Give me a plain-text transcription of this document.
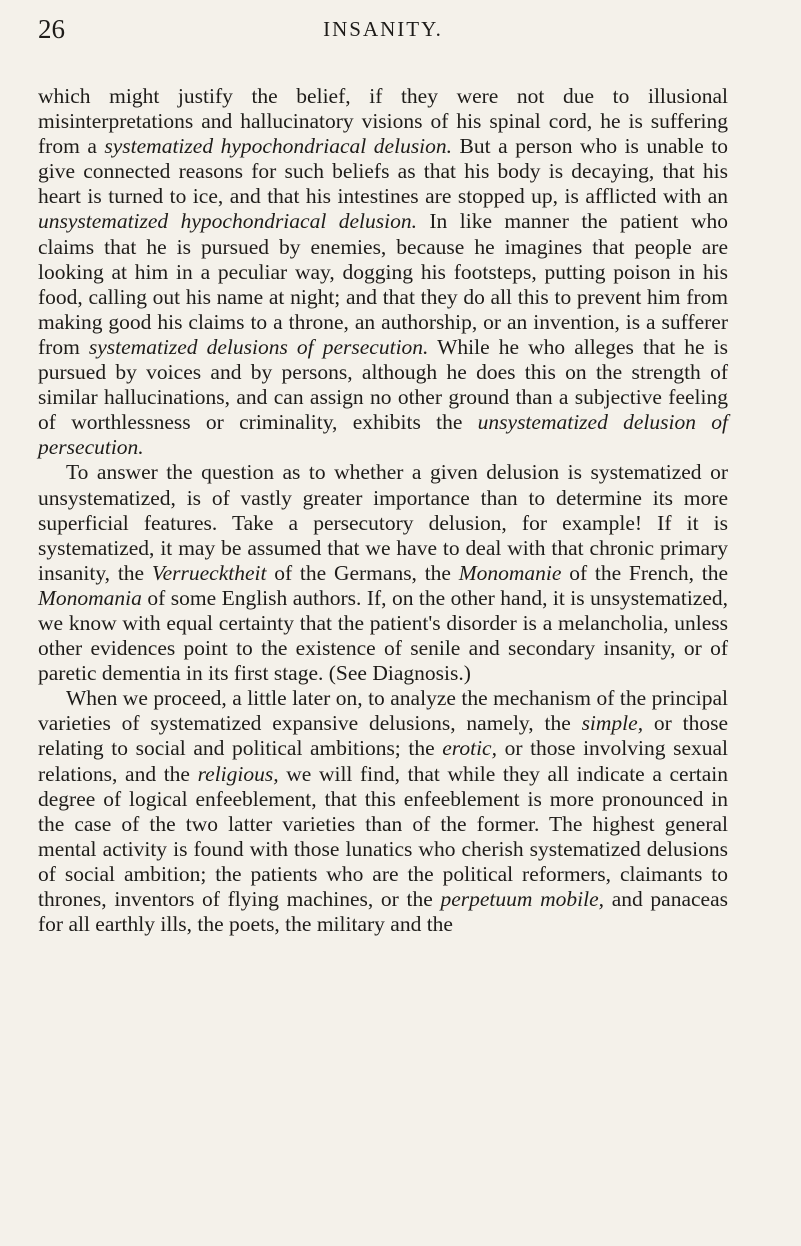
26	INSANITY.

which might justify the belief, if they were not due to illusional misinterpretations and hallucinatory visions of his spinal cord, he is suffering from a systematized hypochondriacal delusion. But a person who is unable to give connected reasons for such beliefs as that his body is decaying, that his heart is turned to ice, and that his intestines are stopped up, is afflicted with an unsystematized hypochondriacal delusion. In like manner the patient who claims that he is pursued by enemies, because he imagines that people are looking at him in a peculiar way, dogging his footsteps, putting poison in his food, calling out his name at night; and that they do all this to prevent him from making good his claims to a throne, an authorship, or an invention, is a sufferer from systematized delusions of persecution. While he who alleges that he is pursued by voices and by persons, although he does this on the strength of similar hallucinations, and can assign no other ground than a subjective feeling of worthlessness or criminality, exhibits the unsystematized delusion of persecution.

To answer the question as to whether a given delusion is systematized or unsystematized, is of vastly greater importance than to determine its more superficial features. Take a persecutory delusion, for example! If it is systematized, it may be assumed that we have to deal with that chronic primary insanity, the Verruecktheit of the Germans, the Monomanie of the French, the Monomania of some English authors. If, on the other hand, it is unsystematized, we know with equal certainty that the patient's disorder is a melancholia, unless other evidences point to the existence of senile and secondary insanity, or of paretic dementia in its first stage. (See Diagnosis.)

When we proceed, a little later on, to analyze the mechanism of the principal varieties of systematized expansive delusions, namely, the simple, or those relating to social and political ambitions; the erotic, or those involving sexual relations, and the religious, we will find, that while they all indicate a certain degree of logical enfeeblement, that this enfeeblement is more pronounced in the case of the two latter varieties than of the former. The highest general mental activity is found with those lunatics who cherish systematized delusions of social ambition; the patients who are the political reformers, claimants to thrones, inventors of flying machines, or the perpetuum mobile, and panaceas for all earthly ills, the poets, the military and the
